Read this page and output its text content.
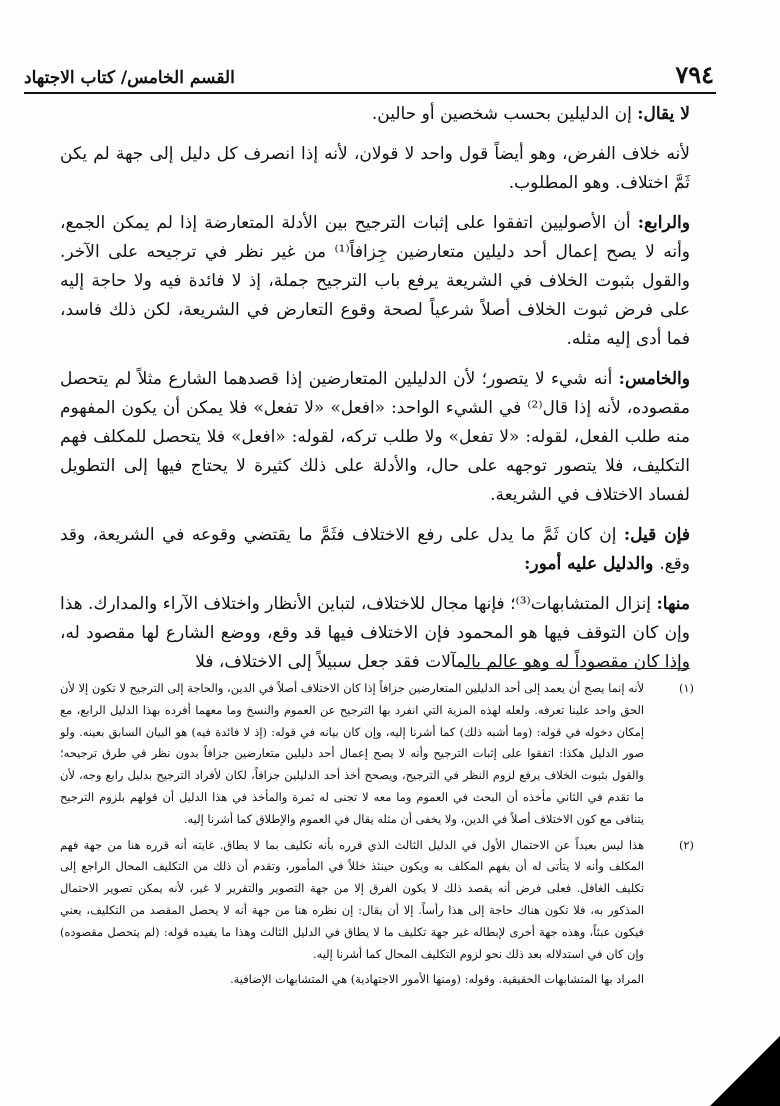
٧٩٤
القسم الخامس/ كتاب الاجتهاد

لا يقال: إن الدليلين بحسب شخصين أو حالين.

لأنه خلاف الفرض، وهو أيضاً قول واحد لا قولان، لأنه إذا انصرف كل دليل إلى جهة لم يكن ثَمَّ اختلاف. وهو المطلوب.

والرابع: أن الأصوليين اتفقوا على إثبات الترجيح بين الأدلة المتعارضة إذا لم يمكن الجمع، وأنه لا يصح إعمال أحد دليلين متعارضين جِزافاً⁽¹⁾ من غير نظر في ترجيحه على الآخر. والقول بثبوت الخلاف في الشريعة يرفع باب الترجيح جملة، إذ لا فائدة فيه ولا حاجة إليه على فرض ثبوت الخلاف أصلاً شرعياً لصحة وقوع التعارض في الشريعة، لكن ذلك فاسد، فما أدى إليه مثله.

والخامس: أنه شيء لا يتصور؛ لأن الدليلين المتعارضين إذا قصدهما الشارع مثلاً لم يتحصل مقصوده، لأنه إذا قال⁽²⁾ في الشيء الواحد: «افعل» «لا تفعل» فلا يمكن أن يكون المفهوم منه طلب الفعل، لقوله: «لا تفعل» ولا طلب تركه، لقوله: «افعل» فلا يتحصل للمكلف فهم التكليف، فلا يتصور توجهه على حال، والأدلة على ذلك كثيرة لا يحتاج فيها إلى التطويل لفساد الاختلاف في الشريعة.

فإن قيل: إن كان ثَمَّ ما يدل على رفع الاختلاف فثَمَّ ما يقتضي وقوعه في الشريعة، وقد وقع. والدليل عليه أمور:

منها: إنزال المتشابهات⁽³⁾؛ فإنها مجال للاختلاف، لتباين الأنظار واختلاف الآراء والمدارك. هذا وإن كان التوقف فيها هو المحمود فإن الاختلاف فيها قد وقع، ووضع الشارع لها مقصود له، وإذا كان مقصوداً له وهو عالم بالمآلات فقد جعل سبيلاً إلى الاختلاف، فلا

(١)
لأنه إنما يصح أن يعمد إلى أحد الدليلين المتعارضين جزافاً إذا كان الاختلاف أصلاً في الدين، والحاجة إلى الترجيح لا تكون إلا لأن الحق واحد علينا تعرفه. ولعله لهذه المزية التي انفرد بها الترجيح عن العموم والنسخ وما معهما أفرده بهذا الدليل الرابع، مع إمكان دخوله في قوله: (وما أشبه ذلك) كما أشرنا إليه، وإن كان بيانه في قوله: (إذ لا فائدة فيه) هو البيان السابق بعينه. ولو صور الدليل هكذا: اتفقوا على إثبات الترجيح وأنه لا يصح إعمال أحد دليلين متعارضين جزافاً بدون نظر في طرق ترجيحه؛ والقول بثبوت الخلاف يرفع لزوم النظر في الترجيح، ويصحح أخذ أحد الدليلين جزافاً، لكان لأفراد الترجيح بدليل رابع وجه، لأن ما تقدم في الثاني مأخذه أن البحث في العموم وما معه لا تجنى له ثمرة والمأخذ في هذا الدليل أن قولهم بلزوم الترجيح يتنافى مع كون الاختلاف أصلاً في الدين، ولا يخفى أن مثله يقال في العموم والإطلاق كما أشرنا إليه.
(٢)
هذا ليس بعيداً عن الاحتمال الأول في الدليل الثالث الذي قرره بأنه تكليف بما لا يطاق. غايته أنه قرره هنا من جهة فهم المكلف وأنه لا يتأتى له أن يفهم المكلف به ويكون حينئذ خللاً في المأمور، وتقدم أن ذلك من التكليف المحال الراجع إلى تكليف الغافل. فعلى فرض أنه يقصد ذلك لا يكون الفرق إلا من جهة التصوير والتقرير لا غير، لأنه يمكن تصوير الاحتمال المذكور به، فلا تكون هناك حاجة إلى هذا رأساً. إلا أن يقال: إن نظره هنا من جهة أنه لا يحصل المقصد من التكليف، يعني فيكون عبثاً، وهذه جهة أخرى لإبطاله غير جهة تكليف ما لا يطاق في الدليل الثالث وهذا ما يفيده قوله: (لم يتحصل مقصوده) وإن كان في استدلاله بعد ذلك نحو لزوم التكليف المحال كما أشرنا إليه.
المراد بها المتشابهات الحقيقية. وقوله: (ومنها الأمور الاجتهادية) هي المتشابهات الإضافية.
